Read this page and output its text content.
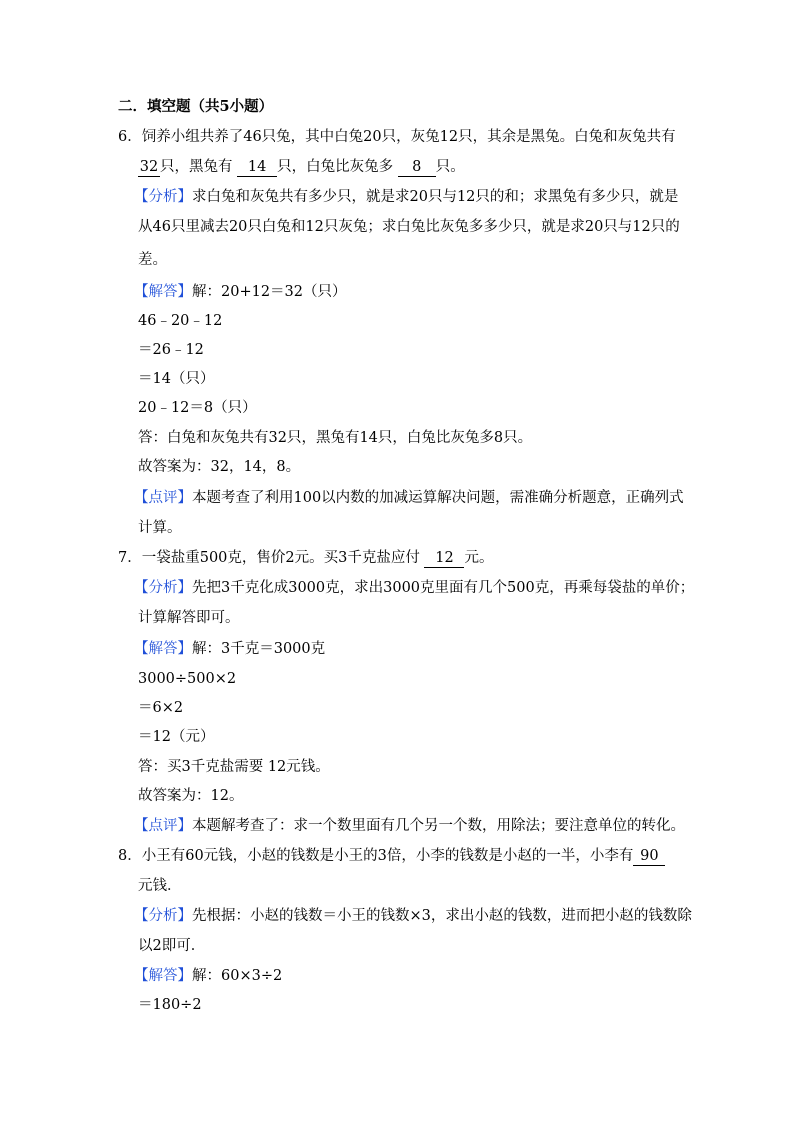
二．填空题（共5小题）
6．饲养小组共养了46只兔，其中白兔20只，灰兔12只，其余是黑兔。白兔和灰兔共有
32 只，黑兔有 14 只，白兔比灰兔多 8 只。
【分析】求白兔和灰兔共有多少只，就是求20只与12只的和；求黑兔有多少只，就是
从46只里减去20只白兔和12只灰兔；求白兔比灰兔多多少只，就是求20只与12只的
差。
【解答】解：20+12＝32（只）
46﹣20﹣12
＝26﹣12
＝14（只）
20﹣12＝8（只）
答：白兔和灰兔共有32只，黑兔有14只，白兔比灰兔多8只。
故答案为：32，14，8。
【点评】本题考查了利用100以内数的加减运算解决问题，需准确分析题意，正确列式
计算。
7．一袋盐重500克，售价2元。买3千克盐应付 12 元。
【分析】先把3千克化成3000克，求出3000克里面有几个500克，再乘每袋盐的单价；
计算解答即可。
【解答】解：3千克＝3000克
3000÷500×2
＝6×2
＝12（元）
答：买3千克盐需要 12元钱。
故答案为：12。
【点评】本题解考查了：求一个数里面有几个另一个数，用除法；要注意单位的转化。
8．小王有60元钱，小赵的钱数是小王的3倍，小李的钱数是小赵的一半，小李有 90
元钱．
【分析】先根据：小赵的钱数＝小王的钱数×3，求出小赵的钱数，进而把小赵的钱数除
以2即可．
【解答】解：60×3÷2
＝180÷2
